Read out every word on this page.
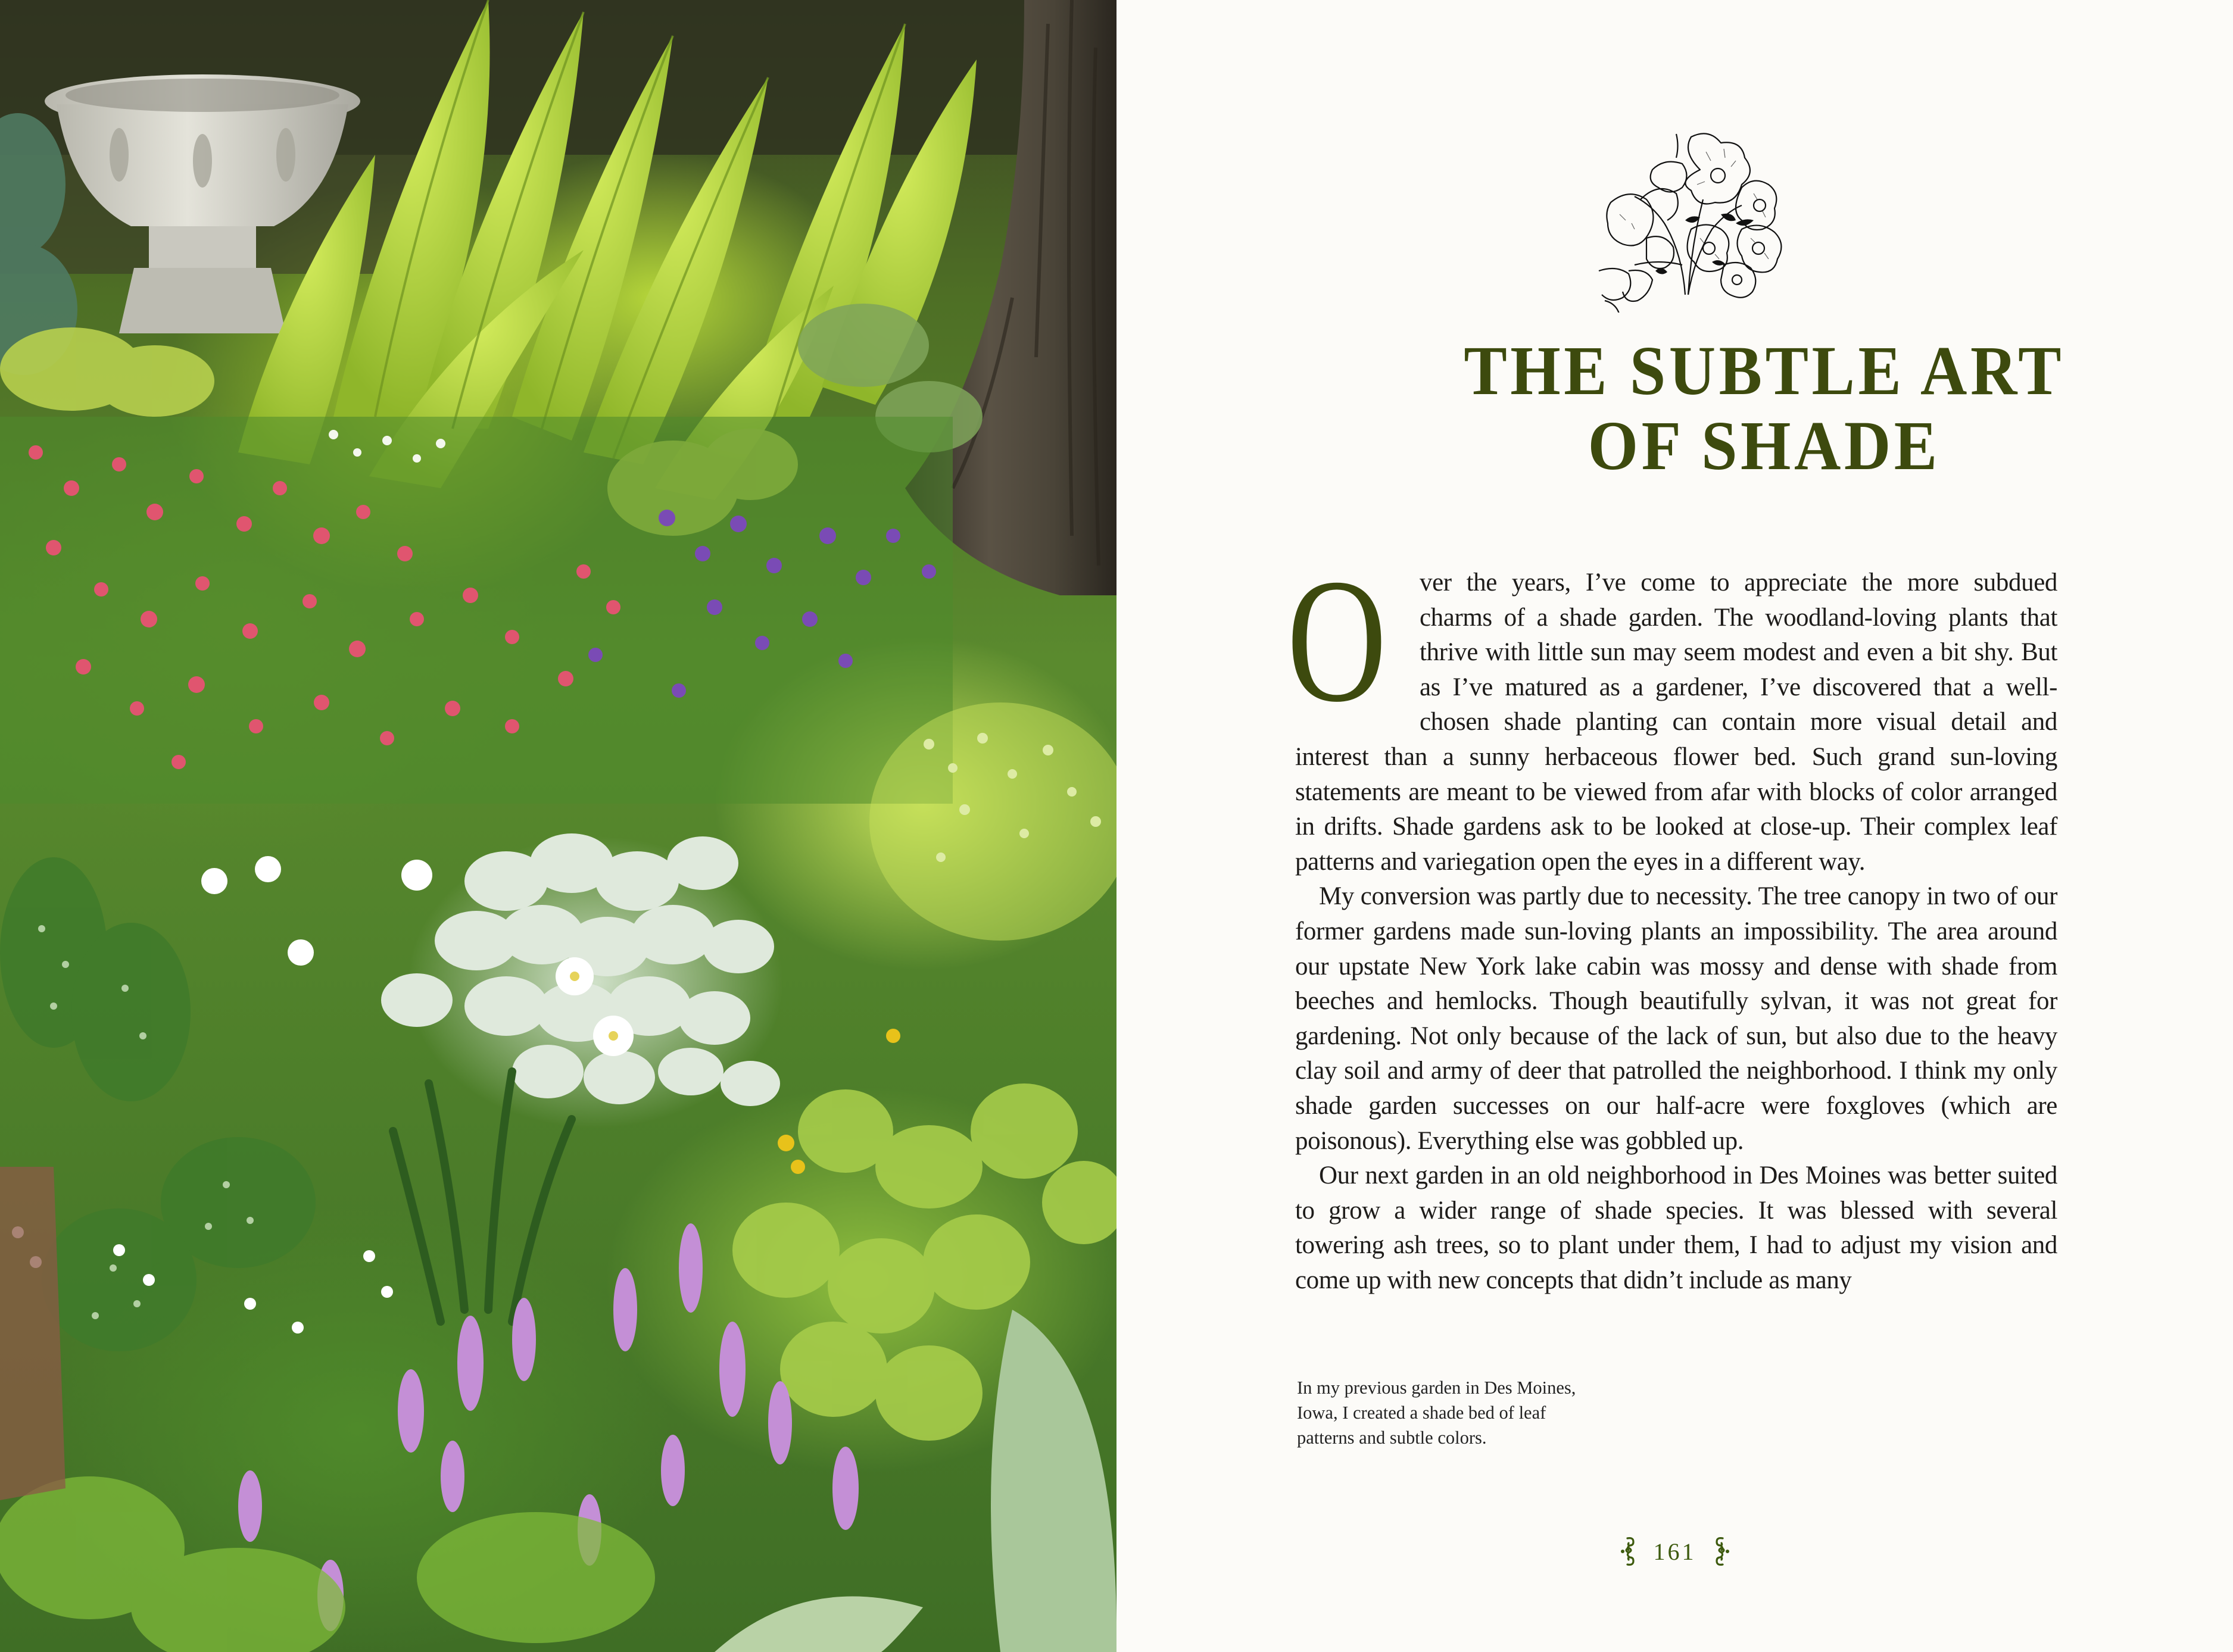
THE SUBTLE ART
OF SHADE

O ver the years, I’ve come to appreciate the more subdued charms of a shade garden. The woodland-loving plants that thrive with little sun may seem modest and even a bit shy. But as I’ve matured as a gardener, I’ve discovered that a well-chosen shade planting can contain more visual detail and interest than a sunny herbaceous flower bed. Such grand sun-loving statements are meant to be viewed from afar with blocks of color arranged in drifts. Shade gardens ask to be looked at close-up. Their complex leaf patterns and variegation open the eyes in a different way.

My conversion was partly due to necessity. The tree canopy in two of our former gardens made sun-loving plants an impossibility. The area around our upstate New York lake cabin was mossy and dense with shade from beeches and hemlocks. Though beautifully sylvan, it was not great for gardening. Not only because of the lack of sun, but also due to the heavy clay soil and army of deer that patrolled the neighborhood. I think my only shade garden successes on our half-acre were foxgloves (which are poisonous). Everything else was gobbled up.

Our next garden in an old neighborhood in Des Moines was better suited to grow a wider range of shade species. It was blessed with several towering ash trees, so to plant under them, I had to adjust my vision and come up with new concepts that didn’t include as many

In my previous garden in Des Moines,
Iowa, I created a shade bed of leaf
patterns and subtle colors.
161
